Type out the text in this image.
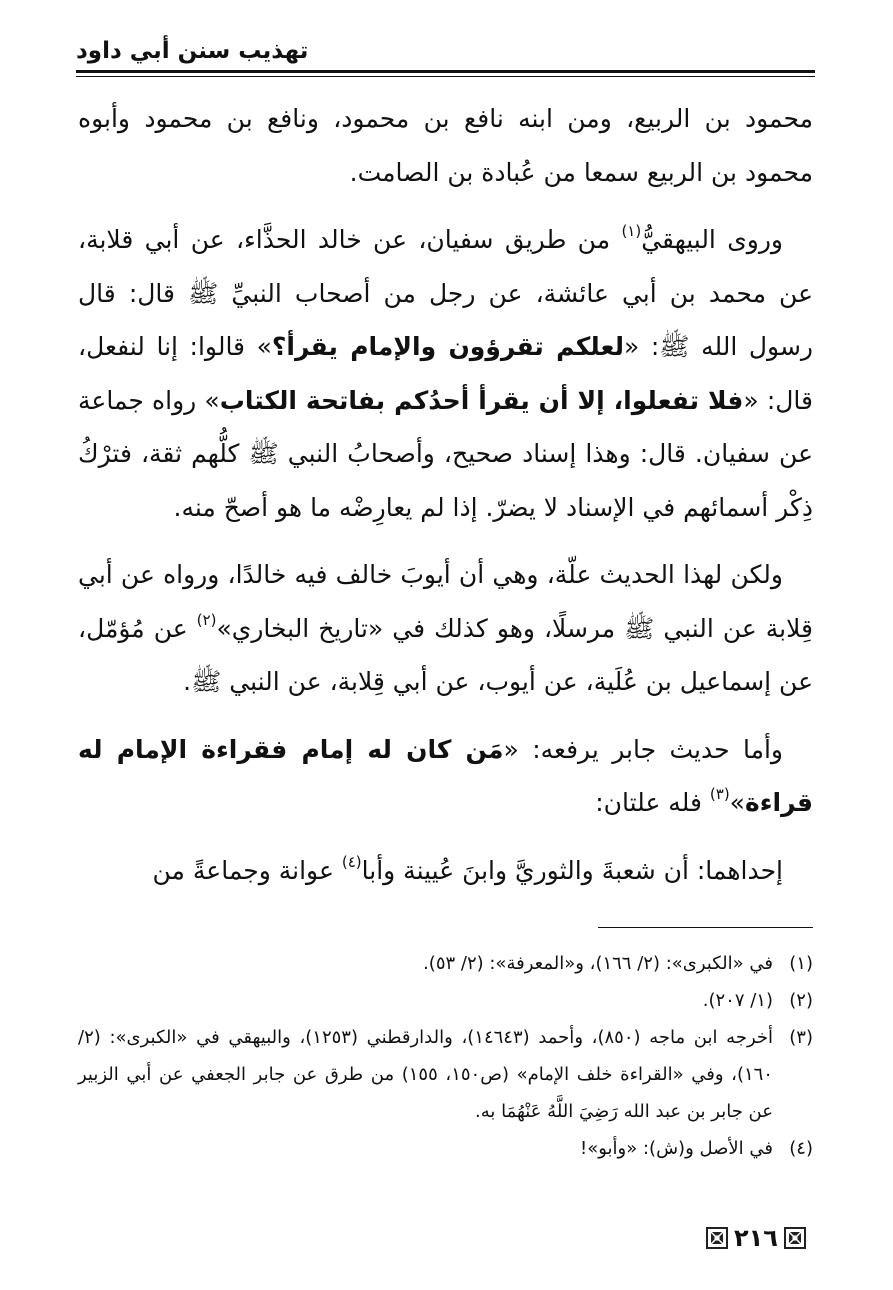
تهذيب سنن أبي داود

محمود بن الربيع، ومن ابنه نافع بن محمود، ونافع بن محمود وأبوه محمود بن الربيع سمعا من عُبادة بن الصامت.

وروى البيهقيُّ$^{(١)}$ من طريق سفيان، عن خالد الحذَّاء، عن أبي قلابة، عن محمد بن أبي عائشة، عن رجل من أصحاب النبيِّ ﷺ قال: قال رسول الله ﷺ: «لعلكم تقرؤون والإمام يقرأ؟» قالوا: إنا لنفعل، قال: «فلا تفعلوا، إلا أن يقرأ أحدُكم بفاتحة الكتاب» رواه جماعة عن سفيان. قال: وهذا إسناد صحيح، وأصحابُ النبي ﷺ كلُّهم ثقة، فترْكُ ذِكْر أسمائهم في الإسناد لا يضرّ. إذا لم يعارِضْه ما هو أصحّ منه.

ولكن لهذا الحديث علّة، وهي أن أيوبَ خالف فيه خالدًا، ورواه عن أبي قِلابة عن النبي ﷺ مرسلًا، وهو كذلك في «تاريخ البخاري»$^{(٢)}$ عن مُؤمّل، عن إسماعيل بن عُلَية، عن أيوب، عن أبي قِلابة، عن النبي ﷺ.

وأما حديث جابر يرفعه: «مَن كان له إمام فقراءة الإمام له قراءة»$^{(٣)}$ فله علتان:

إحداهما: أن شعبةَ والثوريَّ وابنَ عُيينة وأبا$^{(٤)}$ عوانة وجماعةً من

(١)
في «الكبرى»: (٢/ ١٦٦)، و«المعرفة»: (٢/ ٥٣).
(٢)
(١/ ٢٠٧).
(٣)
أخرجه ابن ماجه (٨٥٠)، وأحمد (١٤٦٤٣)، والدارقطني (١٢٥٣)، والبيهقي في «الكبرى»: (٢/ ١٦٠)، وفي «القراءة خلف الإمام» (ص١٥٠، ١٥٥) من طرق عن جابر الجعفي عن أبي الزبير عن جابر بن عبد الله رَضِيَ اللَّهُ عَنْهُمَا به.
(٤)
في الأصل و(ش): «وأبو»!
٢١٦
